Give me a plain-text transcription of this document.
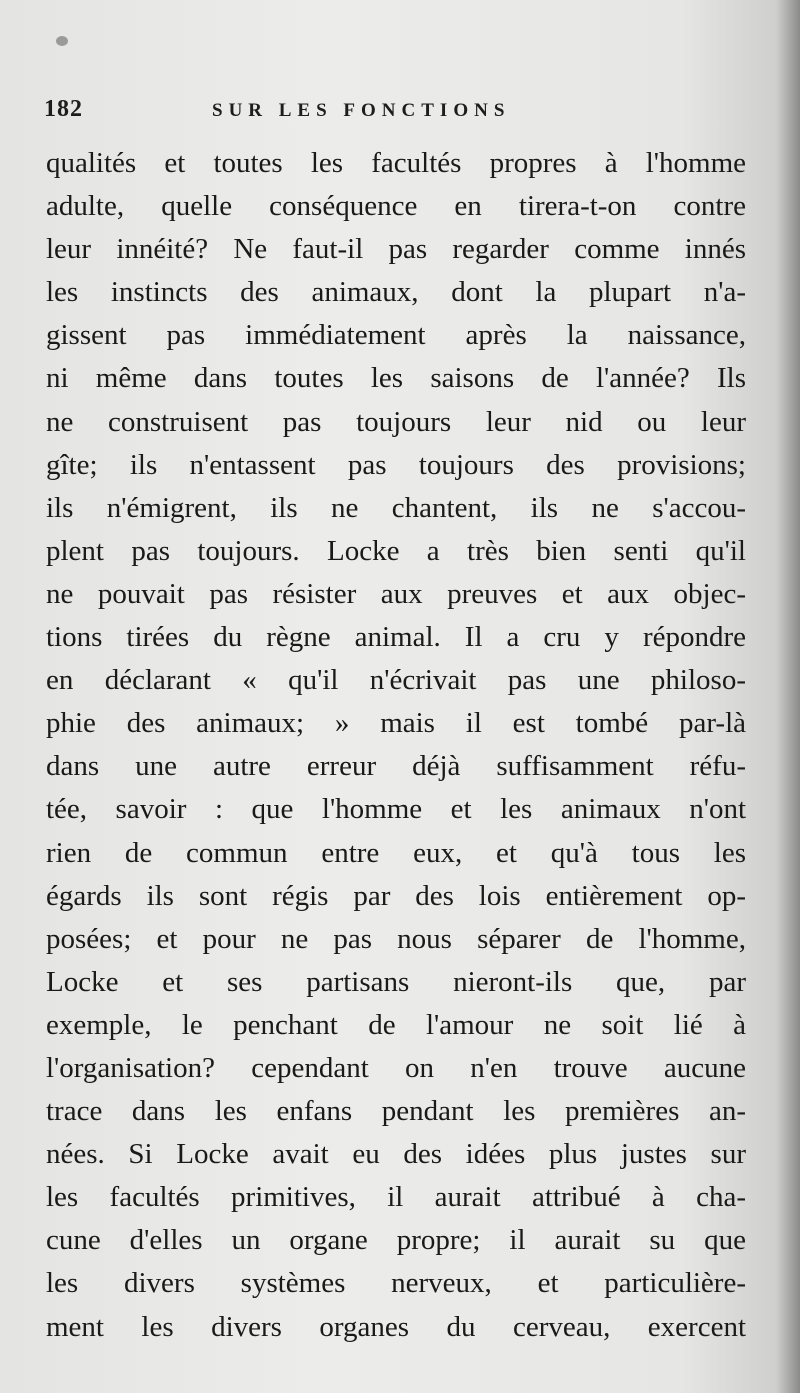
182	SUR LES FONCTIONS
qualités et toutes les facultés propres à l'homme
adulte, quelle conséquence en tirera-t-on contre
leur innéité? Ne faut-il pas regarder comme innés
les instincts des animaux, dont la plupart n'a-
gissent pas immédiatement après la naissance,
ni même dans toutes les saisons de l'année? Ils
ne construisent pas toujours leur nid ou leur
gîte; ils n'entassent pas toujours des provisions;
ils n'émigrent, ils ne chantent, ils ne s'accou-
plent pas toujours. Locke a très bien senti qu'il
ne pouvait pas résister aux preuves et aux objec-
tions tirées du règne animal. Il a cru y répondre
en déclarant « qu'il n'écrivait pas une philoso-
phie des animaux; » mais il est tombé par-là
dans une autre erreur déjà suffisamment réfu-
tée, savoir : que l'homme et les animaux n'ont
rien de commun entre eux, et qu'à tous les
égards ils sont régis par des lois entièrement op-
posées; et pour ne pas nous séparer de l'homme,
Locke et ses partisans nieront-ils que, par
exemple, le penchant de l'amour ne soit lié à
l'organisation? cependant on n'en trouve aucune
trace dans les enfans pendant les premières an-
nées. Si Locke avait eu des idées plus justes sur
les facultés primitives, il aurait attribué à cha-
cune d'elles un organe propre; il aurait su que
les divers systèmes nerveux, et particulière-
ment les divers organes du cerveau, exercent
